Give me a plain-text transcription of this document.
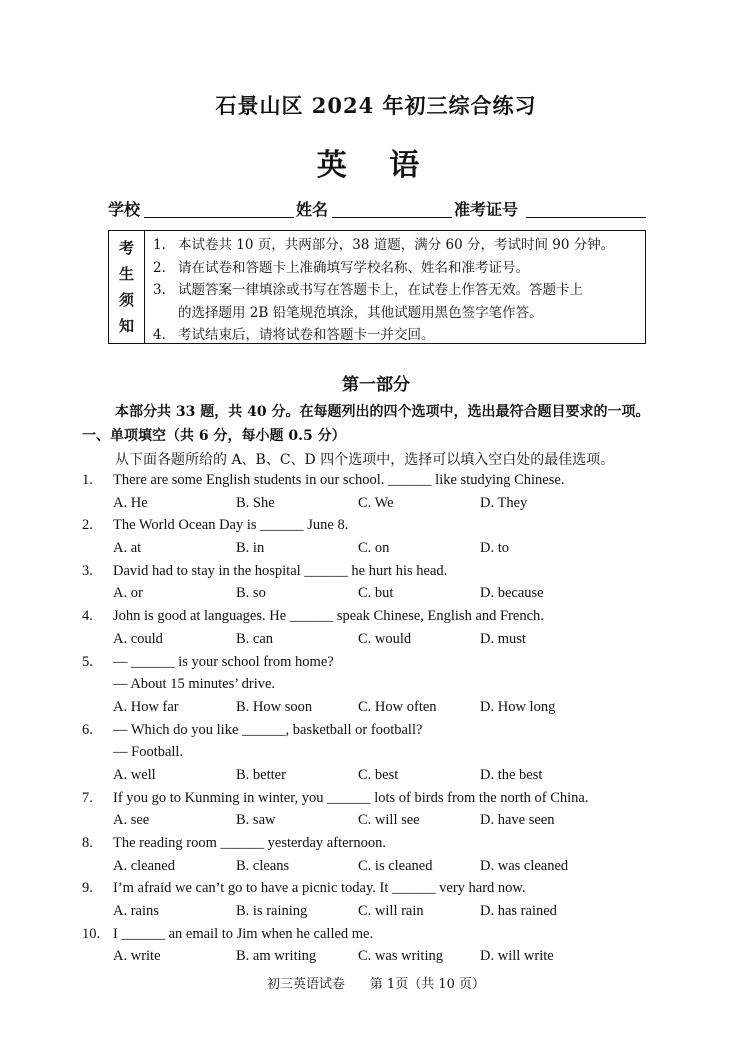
石景山区 2024 年初三综合练习
英 语
学校	姓名	准考证号
考
生
须
知
1. 本试卷共 10 页，共两部分，38 道题，满分 60 分，考试时间 90 分钟。
2. 请在试卷和答题卡上准确填写学校名称、姓名和准考证号。
3. 试题答案一律填涂或书写在答题卡上，在试卷上作答无效。答题卡上
的选择题用 2B 铅笔规范填涂，其他试题用黑色签字笔作答。
4. 考试结束后，请将试卷和答题卡一并交回。
第一部分
本部分共 33 题，共 40 分。在每题列出的四个选项中，选出最符合题目要求的一项。
一、单项填空（共 6 分，每小题 0.5 分）
从下面各题所给的 A、B、C、D 四个选项中，选择可以填入空白处的最佳选项。
1. There are some English students in our school. ______ like studying Chinese.
A. He	B. She	C. We	D. They
2. The World Ocean Day is ______ June 8.
A. at	B. in	C. on	D. to
3. David had to stay in the hospital ______ he hurt his head.
A. or	B. so	C. but	D. because
4. John is good at languages. He ______ speak Chinese, English and French.
A. could	B. can	C. would	D. must
5. — ______ is your school from home?
— About 15 minutes’ drive.
A. How far	B. How soon	C. How often	D. How long
6. — Which do you like ______, basketball or football?
— Football.
A. well	B. better	C. best	D. the best
7. If you go to Kunming in winter, you ______ lots of birds from the north of China.
A. see	B. saw	C. will see	D. have seen
8. The reading room ______ yesterday afternoon.
A. cleaned	B. cleans	C. is cleaned	D. was cleaned
9. I’m afraid we can’t go to have a picnic today. It ______ very hard now.
A. rains	B. is raining	C. will rain	D. has rained
10. I ______ an email to Jim when he called me.
A. write	B. am writing	C. was writing	D. will write
初三英语试卷 第 1页（共 10 页）
